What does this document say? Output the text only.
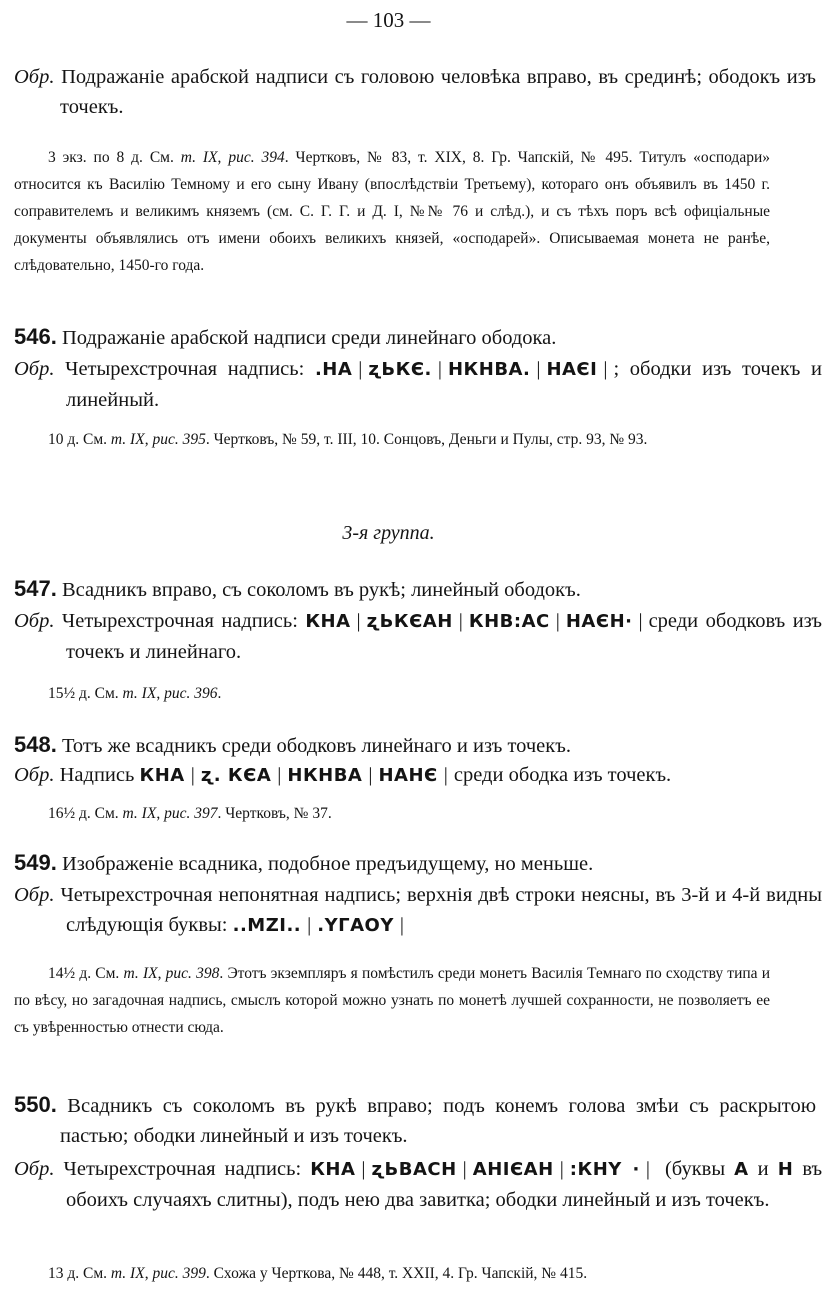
— 103 —
Обр. Подражаніе арабской надписи съ головою человѣка вправо, въ срединѣ; ободокъ изъ точекъ.
3 экз. по 8 д. См. т. IX, рис. 394. Чертковъ, № 83, т. XIX, 8. Гр. Чапскій, № 495. Титулъ «осподари» относится къ Василію Темному и его сыну Ивану (впослѣдствіи Третьему), котораго онъ объявилъ въ 1450 г. соправителемъ и великимъ княземъ (см. С. Г. Г. и Д. I, №№ 76 и слѣд.), и съ тѣхъ поръ всѣ офиціальные документы объявлялись отъ имени обоихъ великихъ князей, «осподарей». Описываемая монета не ранѣе, слѣдовательно, 1450-го года.
546. Подражаніе арабской надписи среди линейнаго ободока.
Обр. Четырехстрочная надпись: .НА | ʐЬКЄ. | НКНВА. | НАЄІ | ; ободки изъ точекъ и линейный.
10 д. См. т. IX, рис. 395. Чертковъ, № 59, т. III, 10. Сонцовъ, Деньги и Пулы, стр. 93, № 93.
3-я группа.
547. Всадникъ вправо, съ соколомъ въ рукѣ; линейный ободокъ.
Обр. Четырехстрочная надпись: КНА | ʐЬКЄАН | КНВ:АС | НАЄН· | среди ободковъ изъ точекъ и линейнаго.
15½ д. См. т. IX, рис. 396.
548. Тотъ же всадникъ среди ободковъ линейнаго и изъ точекъ.
Обр. Надпись КНА | ʐ. КЄА | НКНВА | НАНЄ | среди ободка изъ точекъ.
16½ д. См. т. IX, рис. 397. Чертковъ, № 37.
549. Изображеніе всадника, подобное предъидущему, но меньше.
Обр. Четырехстрочная непонятная надпись; верхнія двѣ строки неясны, въ 3-й и 4-й видны слѣдующія буквы: ..МZІ.. | .ҮГАОҮ |
14½ д. См. т. IX, рис. 398. Этотъ экземпляръ я помѣстилъ среди монетъ Василія Темнаго по сходству типа и по вѣсу, но загадочная надпись, смыслъ которой можно узнать по монетѣ лучшей сохранности, не позволяетъ ее съ увѣренностью отнести сюда.
550. Всадникъ съ соколомъ въ рукѣ вправо; подъ конемъ голова змѣи съ раскрытою пастью; ободки линейный и изъ точекъ.
Обр. Четырехстрочная надпись: КНА | ʐЬВАСН | АНІЄАН | :КНҮ · | (буквы А и Н въ обоихъ случаяхъ слитны), подъ нею два завитка; ободки линейный и изъ точекъ.
13 д. См. т. IX, рис. 399. Схожа у Черткова, № 448, т. XXII, 4. Гр. Чапскій, № 415.
